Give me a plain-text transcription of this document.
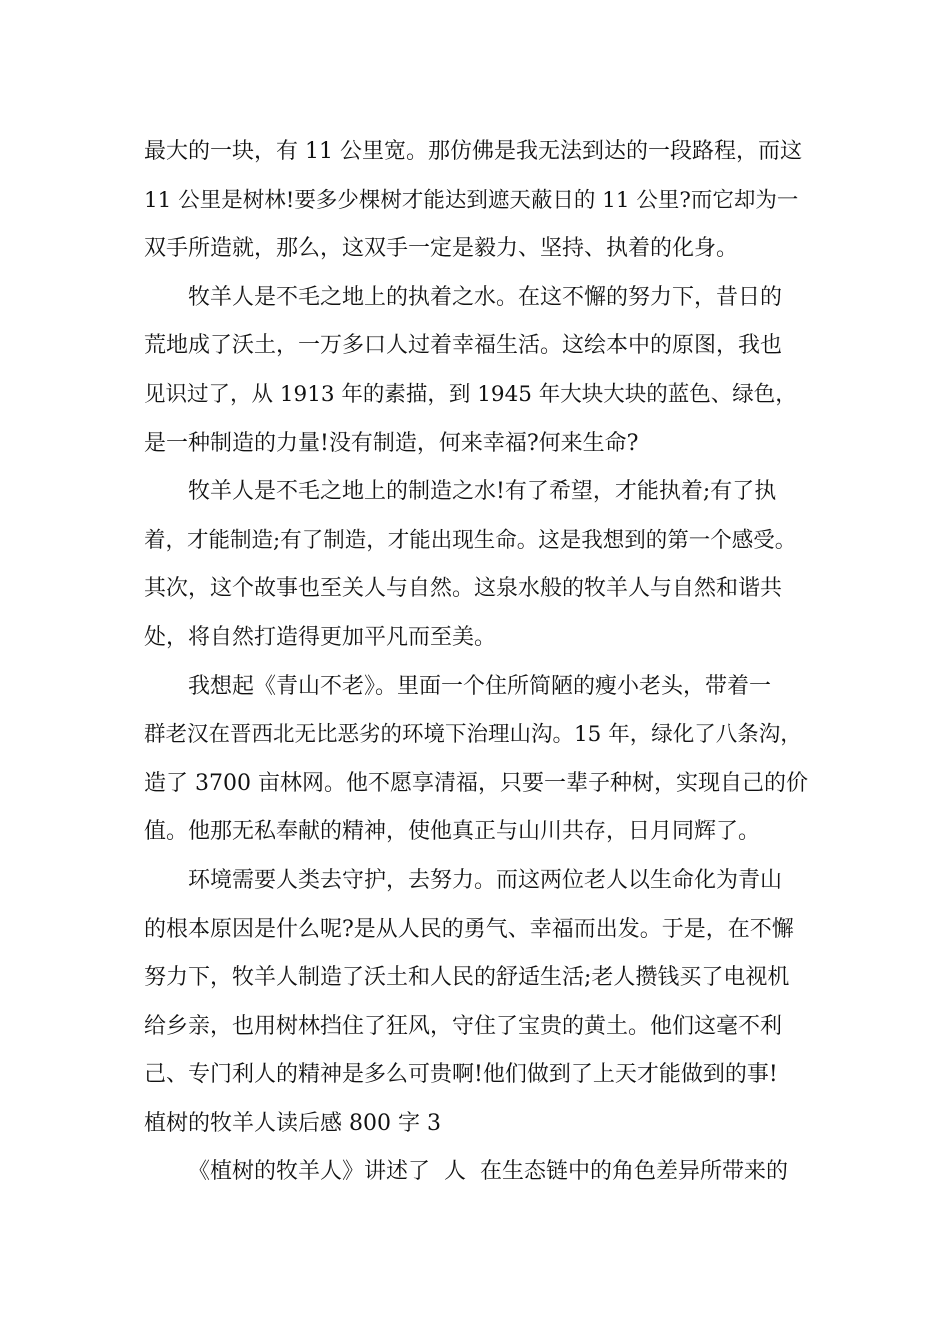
最大的一块，有 11 公里宽。那仿佛是我无法到达的一段路程，而这
11 公里是树林!要多少棵树才能达到遮天蔽日的 11 公里?而它却为一
双手所造就，那么，这双手一定是毅力、坚持、执着的化身。
牧羊人是不毛之地上的执着之水。在这不懈的努力下，昔日的
荒地成了沃土，一万多口人过着幸福生活。这绘本中的原图，我也
见识过了，从 1913 年的素描，到 1945 年大块大块的蓝色、绿色，
是一种制造的力量!没有制造，何来幸福?何来生命?
牧羊人是不毛之地上的制造之水!有了希望，才能执着;有了执
着，才能制造;有了制造，才能出现生命。这是我想到的第一个感受。
其次，这个故事也至关人与自然。这泉水般的牧羊人与自然和谐共
处，将自然打造得更加平凡而至美。
我想起《青山不老》。里面一个住所简陋的瘦小老头，带着一
群老汉在晋西北无比恶劣的环境下治理山沟。15 年，绿化了八条沟，
造了 3700 亩林网。他不愿享清福，只要一辈子种树，实现自己的价
值。他那无私奉献的精神，使他真正与山川共存，日月同辉了。
环境需要人类去守护，去努力。而这两位老人以生命化为青山
的根本原因是什么呢?是从人民的勇气、幸福而出发。于是，在不懈
努力下，牧羊人制造了沃土和人民的舒适生活;老人攒钱买了电视机
给乡亲，也用树林挡住了狂风，守住了宝贵的黄土。他们这毫不利
己、专门利人的精神是多么可贵啊!他们做到了上天才能做到的事!
植树的牧羊人读后感 800 字 3
《植树的牧羊人》讲述了  人  在生态链中的角色差异所带来的
